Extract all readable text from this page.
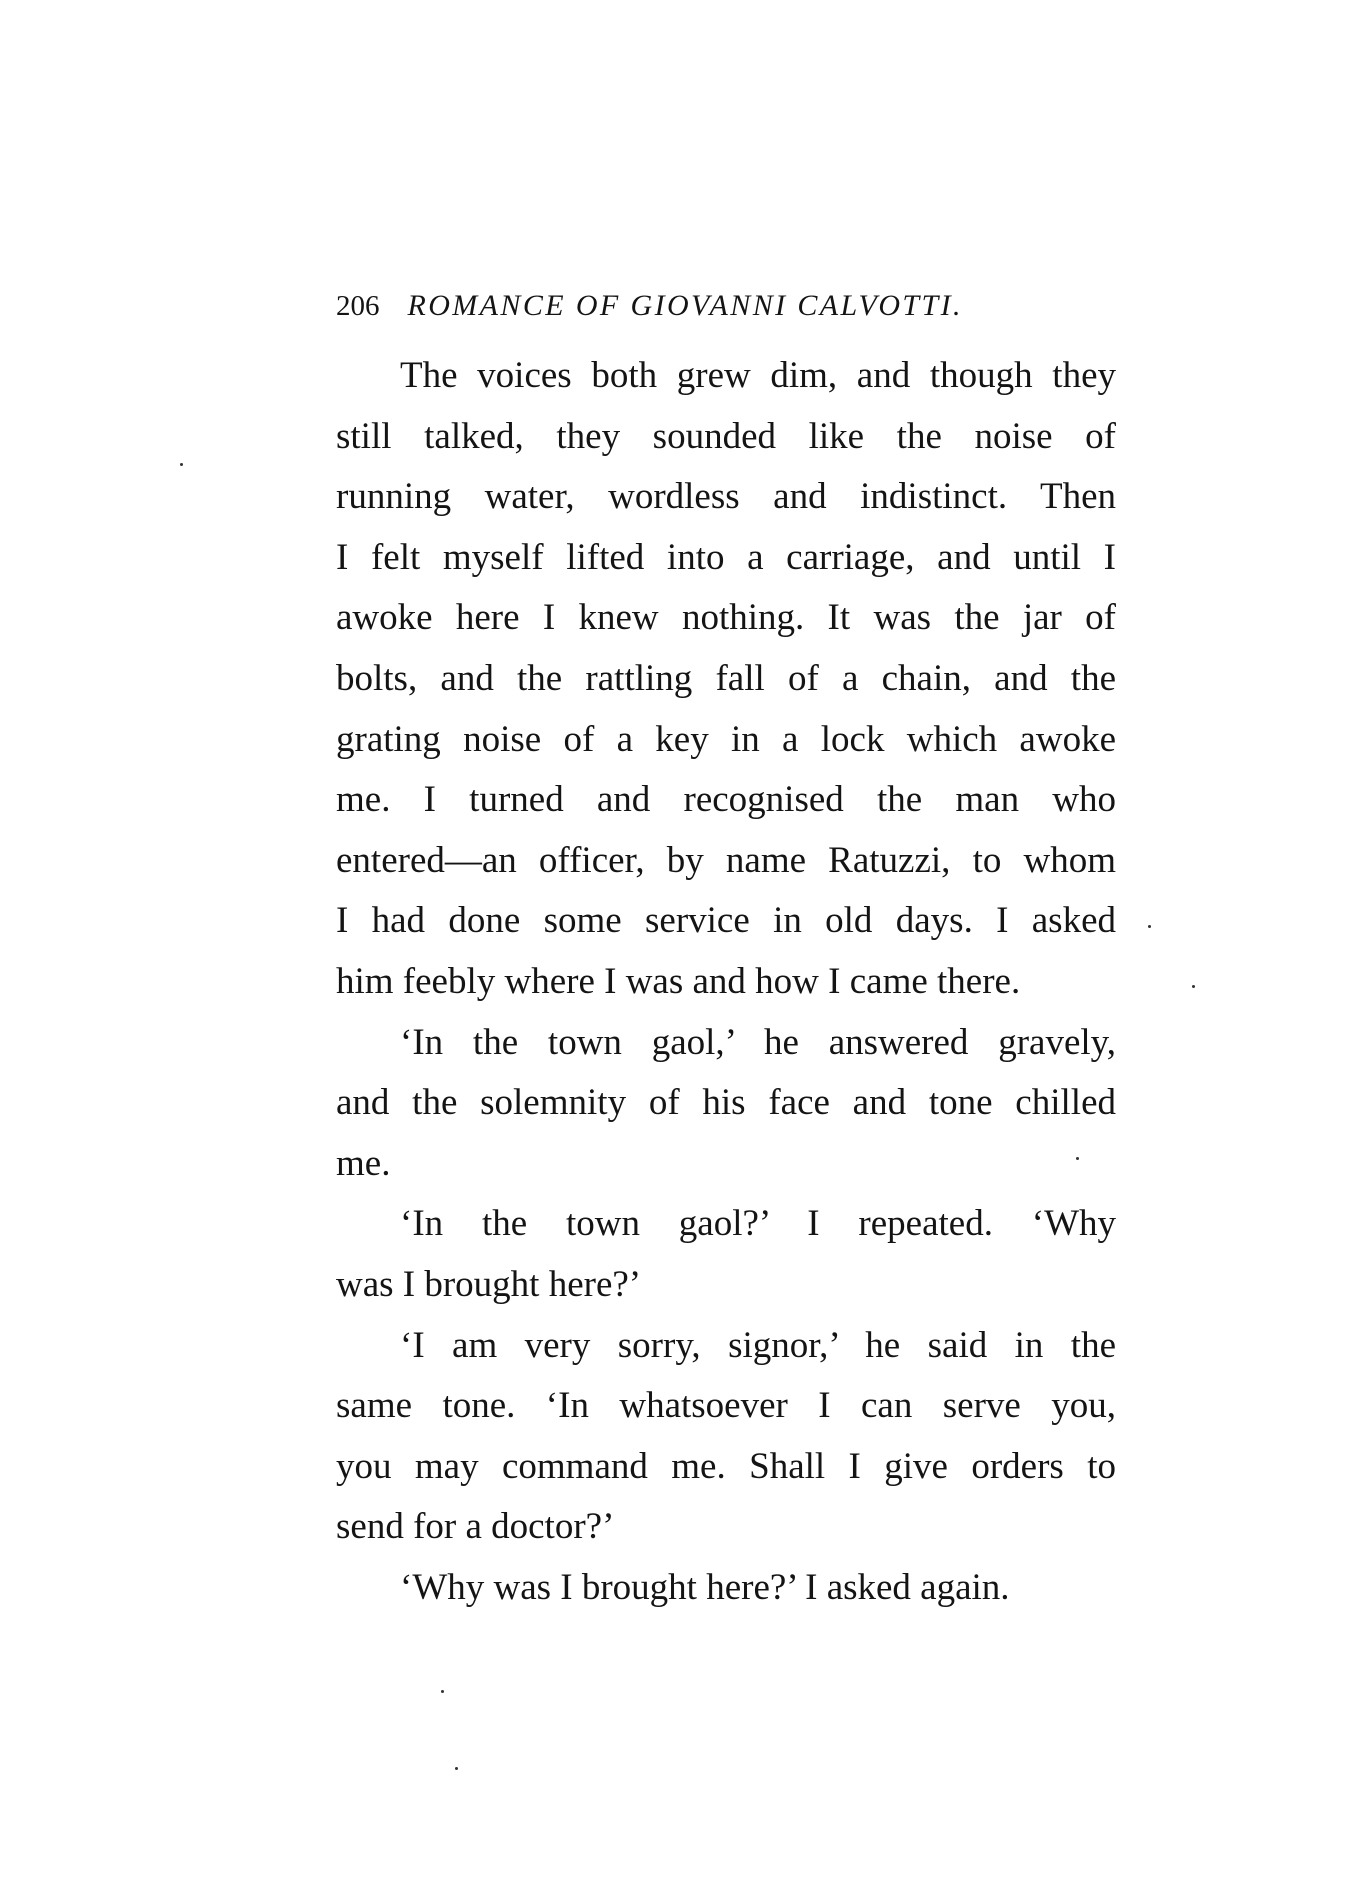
206 ROMANCE OF GIOVANNI CALVOTTI.
The voices both grew dim, and though they
still talked, they sounded like the noise of
running water, wordless and indistinct. Then
I felt myself lifted into a carriage, and until I
awoke here I knew nothing. It was the jar of
bolts, and the rattling fall of a chain, and the
grating noise of a key in a lock which awoke
me. I turned and recognised the man who
entered—an officer, by name Ratuzzi, to whom
I had done some service in old days. I asked
him feebly where I was and how I came there.
‘In the town gaol,’ he answered gravely,
and the solemnity of his face and tone chilled
me.
‘In the town gaol?’ I repeated. ‘Why
was I brought here?’
‘I am very sorry, signor,’ he said in the
same tone. ‘In whatsoever I can serve you,
you may command me. Shall I give orders to
send for a doctor?’
‘Why was I brought here?’ I asked again.
